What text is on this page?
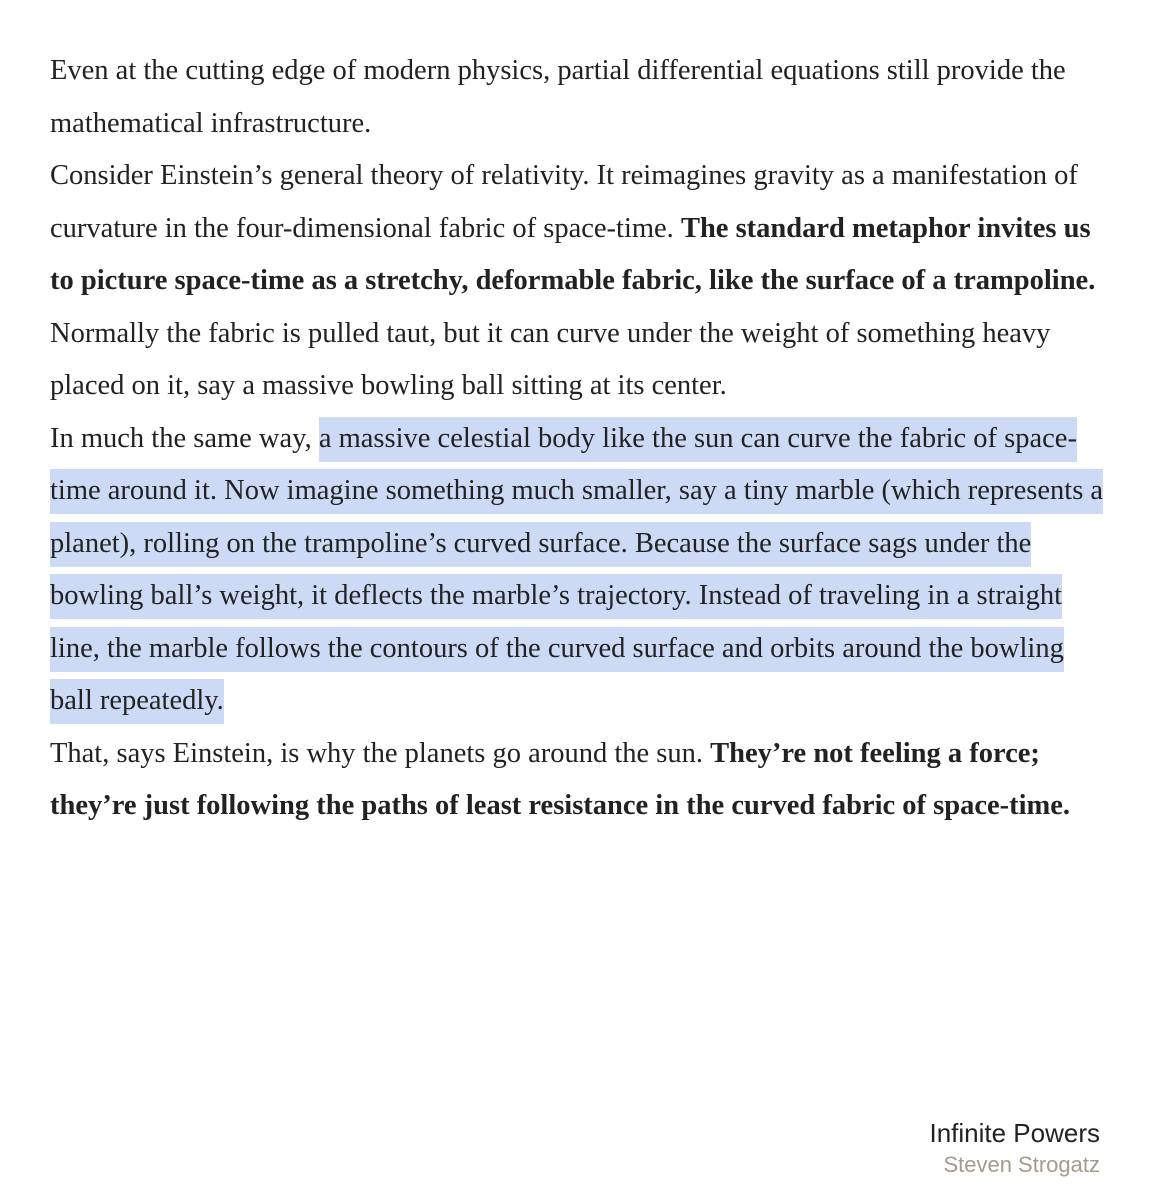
Even at the cutting edge of modern physics, partial differential equations still provide the mathematical infrastructure.

Consider Einstein’s general theory of relativity. It reimagines gravity as a manifestation of curvature in the four-dimensional fabric of space-time. The standard metaphor invites us to picture space-time as a stretchy, deformable fabric, like the surface of a trampoline. Normally the fabric is pulled taut, but it can curve under the weight of something heavy placed on it, say a massive bowling ball sitting at its center.

In much the same way, a massive celestial body like the sun can curve the fabric of space-time around it. Now imagine something much smaller, say a tiny marble (which represents a planet), rolling on the trampoline’s curved surface. Because the surface sags under the bowling ball’s weight, it deflects the marble’s trajectory. Instead of traveling in a straight line, the marble follows the contours of the curved surface and orbits around the bowling ball repeatedly.

That, says Einstein, is why the planets go around the sun. They’re not feeling a force; they’re just following the paths of least resistance in the curved fabric of space-time.

Infinite Powers
Steven Strogatz
